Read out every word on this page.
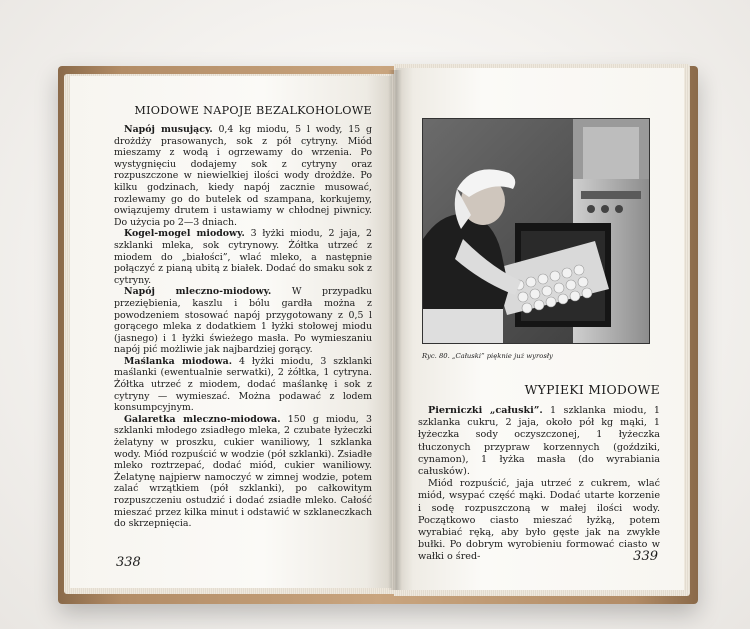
MIODOWE NAPOJE BEZALKOHOLOWE

Napój musujący. 0,4 kg miodu, 5 l wody, 15 g drożdży prasowanych, sok z pół cytryny. Miód mieszamy z wodą i ogrzewamy do wrzenia. Po wystygnięciu dodajemy sok z cytryny oraz rozpuszczone w niewielkiej ilości wody drożdże. Po kilku godzinach, kiedy napój zacznie musować, rozlewamy go do butelek od szampana, korkujemy, owiązujemy drutem i ustawiamy w chłodnej piwnicy. Do użycia po 2—3 dniach.

Kogel-mogel miodowy. 3 łyżki miodu, 2 jaja, 2 szklanki mleka, sok cytrynowy. Żółtka utrzeć z miodem do „białości”, wlać mleko, a następnie połączyć z pianą ubitą z białek. Dodać do smaku sok z cytryny.

Napój mleczno-miodowy. W przypadku przeziębienia, kaszlu i bólu gardła można z powodzeniem stosować napój przygotowany z 0,5 l gorącego mleka z dodatkiem 1 łyżki stołowej miodu (jasnego) i 1 łyżki świeżego masła. Po wymieszaniu napój pić możliwie jak najbardziej gorący.

Maślanka miodowa. 4 łyżki miodu, 3 szklanki maślanki (ewentualnie serwatki), 2 żółtka, 1 cytryna. Żółtka utrzeć z miodem, dodać maślankę i sok z cytryny — wymieszać. Można podawać z lodem konsumpcyjnym.

Galaretka mleczno-miodowa. 150 g miodu, 3 szklanki młodego zsiadłego mleka, 2 czubate łyżeczki żelatyny w proszku, cukier waniliowy, 1 szklanka wody. Miód rozpuścić w wodzie (pół szklanki). Zsiadłe mleko roztrzepać, dodać miód, cukier waniliowy. Żelatynę najpierw namoczyć w zimnej wodzie, potem zalać wrzątkiem (pół szklanki), po całkowitym rozpuszczeniu ostudzić i dodać zsiadłe mleko. Całość mieszać przez kilka minut i odstawić w szklaneczkach do skrzepnięcia.

338
Ryc. 80. „Całuski” pięknie już wyrosły
WYPIEKI MIODOWE

Pierniczki „całuski”. 1 szklanka miodu, 1 szklanka cukru, 2 jaja, około pół kg mąki, 1 łyżeczka sody oczyszczonej, 1 łyżeczka tłuczonych przypraw korzennych (goździki, cynamon), 1 łyżka masła (do wyrabiania całusków).

Miód rozpuścić, jaja utrzeć z cukrem, wlać miód, wsypać część mąki. Dodać utarte korzenie i sodę rozpuszczoną w małej ilości wody. Początkowo ciasto mieszać łyżką, potem wyrabiać ręką, aby było gęste jak na zwykłe bułki. Po dobrym wyrobieniu formować ciasto w wałki o śred-	339
